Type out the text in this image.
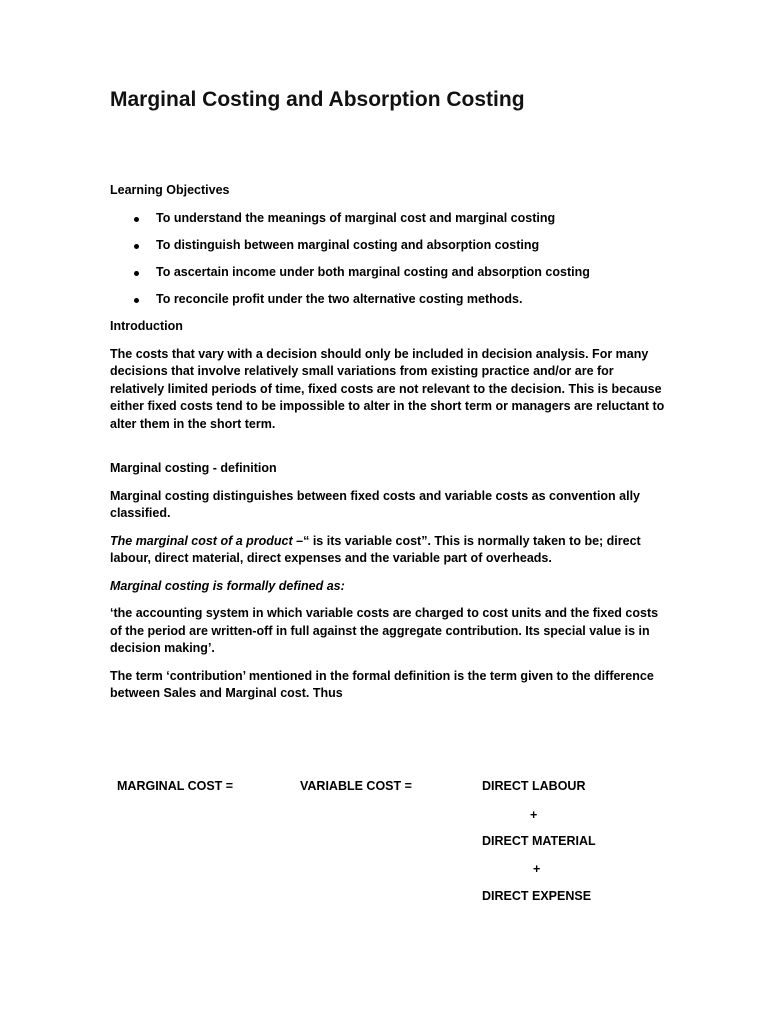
Marginal Costing and Absorption Costing

Learning Objectives

To understand the meanings of marginal cost and marginal costing
To distinguish between marginal costing and absorption costing
To ascertain income under both marginal costing and absorption costing
To reconcile profit under the two alternative costing methods.

Introduction

The costs that vary with a decision should only be included in decision analysis. For many decisions that involve relatively small variations from existing practice and/or are for relatively limited periods of time, fixed costs are not relevant to the decision. This is because either fixed costs tend to be impossible to alter in the short term or managers are reluctant to alter them in the short term.

Marginal costing - definition

Marginal costing distinguishes between fixed costs and variable costs as convention ally classified.

The marginal cost of a product –“ is its variable cost”. This is normally taken to be; direct labour, direct material, direct expenses and the variable part of overheads.

Marginal costing is formally defined as:

‘the accounting system in which variable costs are charged to cost units and the fixed costs of the period are written-off in full against the aggregate contribution. Its special value is in decision making’.

The term ‘contribution’ mentioned in the formal definition is the term given to the difference between Sales and Marginal cost. Thus

MARGINAL COST =	VARIABLE COST =	DIRECT LABOUR
+
DIRECT MATERIAL
+
DIRECT EXPENSE
